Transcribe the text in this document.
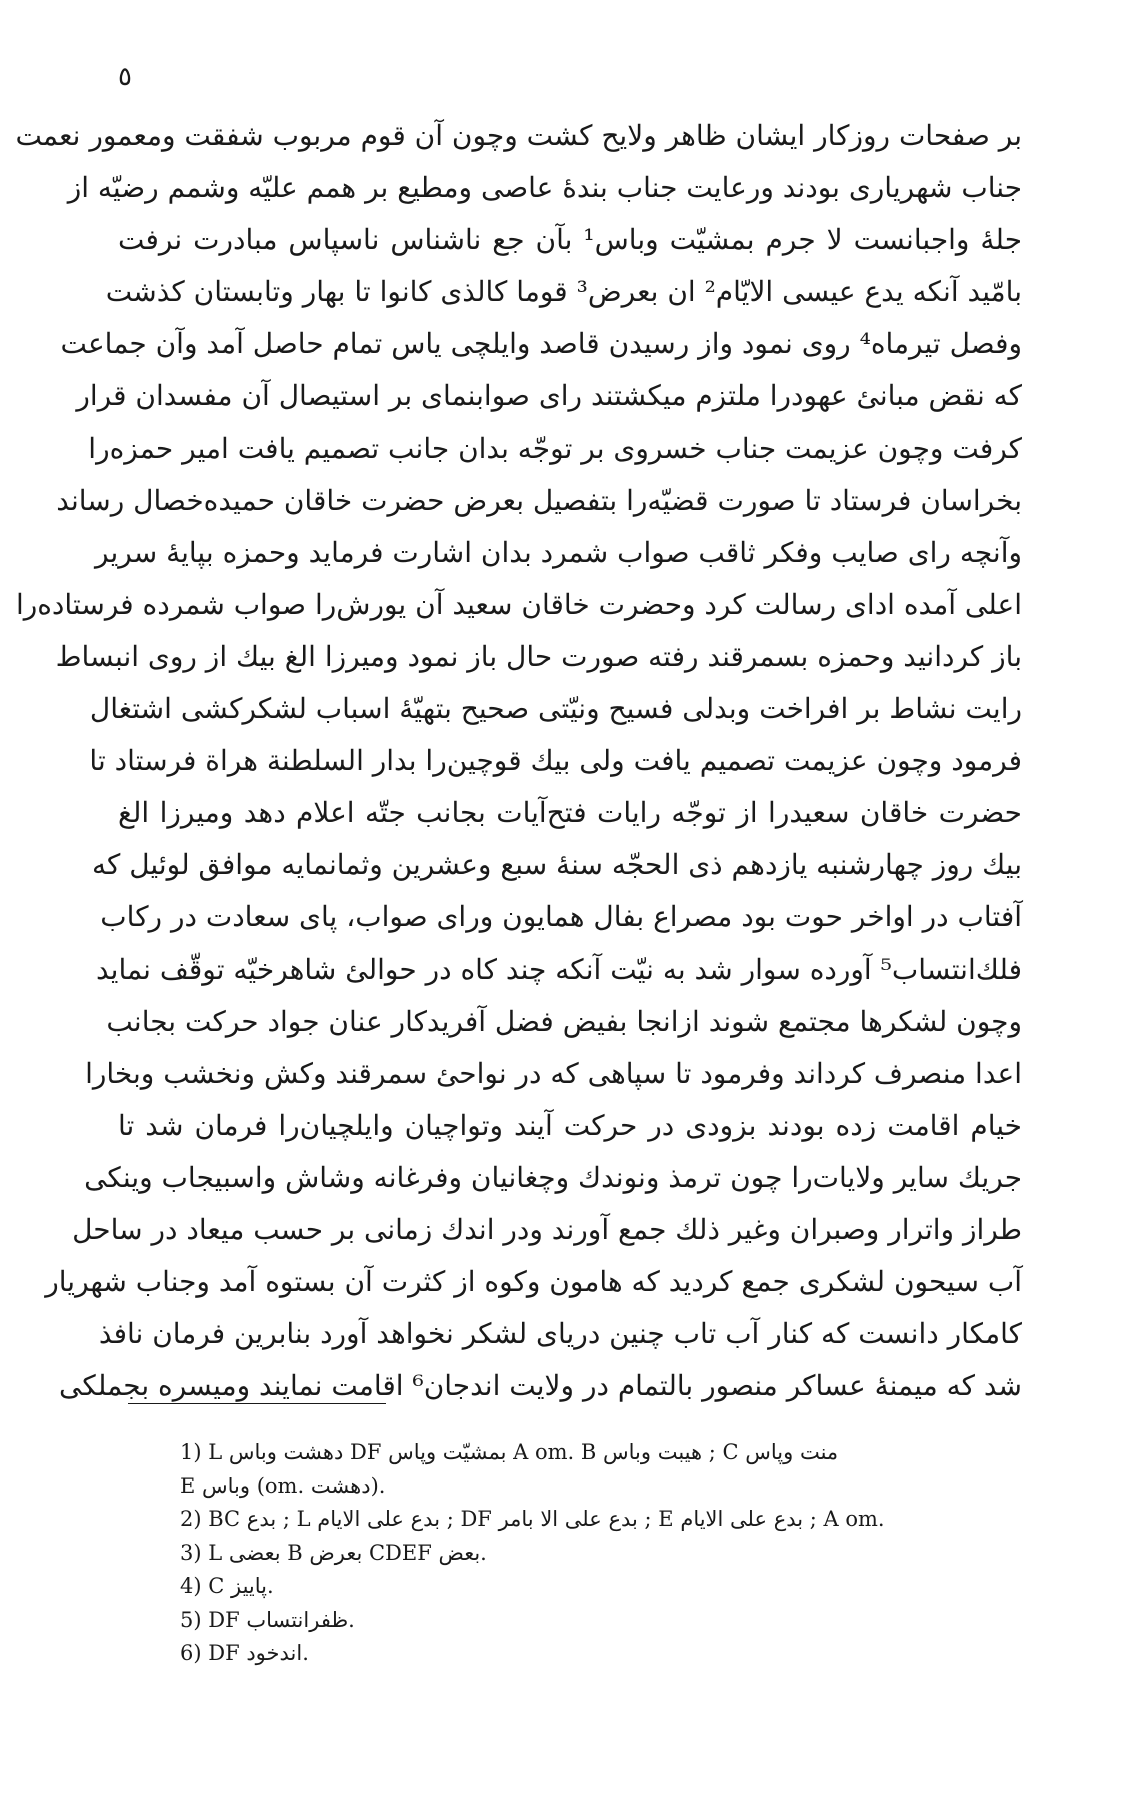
٥
بر صفحات روزکار ایشان ظاهر ولایح کشت وچون آن قوم مربوب شفقت ومعمور نعمت
جناب شهریاری بودند ورعایت جناب بندهٔ عاصی ومطیع بر همم علیّه وشمم رضیّه از
جلهٔ واجبانست لا جرم بمشیّت وباس¹ بآن جع ناشناس ناسپاس مبادرت نرفت
بامّید آنکه یدع عیسی الایّام² ان بعرض³ قوما کالذی کانوا تا بهار وتابستان کذشت
وفصل تیرماه⁴ روی نمود واز رسیدن قاصد وایلچی یاس تمام حاصل آمد وآن جماعت
که نقض مبانئ عهودرا ملتزم میکشتند رای صوابنمای بر استیصال آن مفسدان قرار
کرفت وچون عزیمت جناب خسروی بر توجّه بدان جانب تصمیم یافت امیر حمزه‌را
بخراسان فرستاد تا صورت قضیّه‌را بتفصیل بعرض حضرت خاقان حمیده‌خصال رساند
وآنچه رای صایب وفکر ثاقب صواب شمرد بدان اشارت فرماید وحمزه بپایهٔ سریر
اعلی آمده ادای رسالت کرد وحضرت خاقان سعید آن یورش‌را صواب شمرده فرستاده‌را
باز کردانید وحمزه بسمرقند رفته صورت حال باز نمود ومیرزا الغ بیك از روی انبساط
رایت نشاط بر افراخت وبدلی فسیح ونیّتی صحیح بتهیّهٔ اسباب لشکرکشی اشتغال
فرمود وچون عزیمت تصمیم یافت ولی بیك قوچین‌را بدار السلطنة هراة فرستاد تا
حضرت خاقان سعیدرا از توجّه رایات فتح‌آیات بجانب جتّه اعلام دهد ومیرزا الغ
بیك روز چهارشنبه یازدهم ذی الحجّه سنهٔ سبع وعشرین وثمانمایه موافق لوئیل که
آفتاب در اواخر حوت بود مصراع بفال همایون ورای صواب، پای سعادت در رکاب
فلك‌انتساب⁵ آورده سوار شد به نیّت آنکه چند کاه در حوالئ شاهرخیّه توقّف نماید
وچون لشکرها مجتمع شوند ازانجا بفیض فضل آفریدکار عنان جواد حرکت بجانب
اعدا منصرف کرداند وفرمود تا سپاهی که در نواحئ سمرقند وکش ونخشب وبخارا
خیام اقامت زده بودند بزودی در حرکت آیند وتواچیان وایلچیان‌را فرمان شد تا
جریك سایر ولایات‌را چون ترمذ ونوندك وچغانیان وفرغانه وشاش واسبیجاب وینکی
طراز واترار وصبران وغیر ذلك جمع آورند ودر اندك زمانی بر حسب میعاد در ساحل
آب سیحون لشکری جمع کردید که هامون وکوه از کثرت آن بستوه آمد وجناب شهریار
کامکار دانست که کنار آب تاب چنین دریای لشکر نخواهد آورد بنابرین فرمان نافذ
شد که میمنهٔ عساکر منصور بالتمام در ولایت اندجان⁶ اقامت نمایند ومیسره بجملکی
1) L دهشت وباس DF بمشیّت وپاس A om. B هیبت وباس ; C منت وپاس
E وباس (om. دهشت).
2) BC بدع ; L بدع علی الایام ; DF بدع علی الا بامر ; E بدع علی الایام ; A om.
3) L بعضی B بعرض CDEF بعض.
4) C پاییز.
5) DF ظفرانتساب.
6) DF اندخود.
